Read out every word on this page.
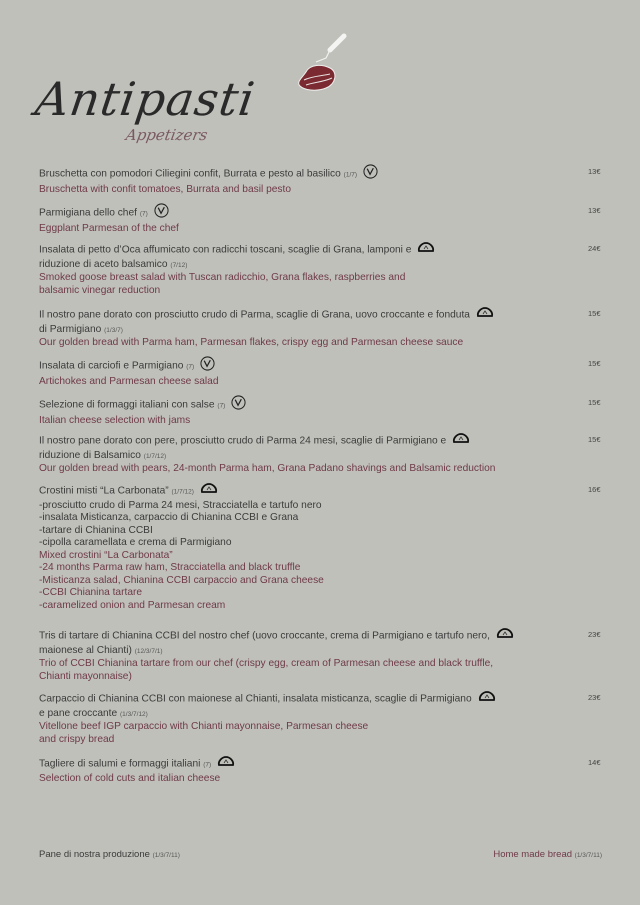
Antipasti
Appetizers
Bruschetta con pomodori Ciliegini confit, Burrata e pesto al basilico (1/7)
Bruschetta with confit tomatoes, Burrata and basil pesto
13€
Parmigiana dello chef (7)
Eggplant Parmesan of the chef
13€
Insalata di petto d’Oca affumicato con radicchi toscani, scaglie di Grana, lamponi e
riduzione di aceto balsamico (7/12)
Smoked goose breast salad with Tuscan radicchio, Grana flakes, raspberries and
balsamic vinegar reduction
24€
Il nostro pane dorato con prosciutto crudo di Parma, scaglie di Grana, uovo croccante e fonduta
di Parmigiano (1/3/7)
Our golden bread with Parma ham, Parmesan flakes, crispy egg and Parmesan cheese sauce
15€
Insalata di carciofi e Parmigiano (7)
Artichokes and Parmesan cheese salad
15€
Selezione di formaggi italiani con salse (7)
Italian cheese selection with jams
15€
Il nostro pane dorato con pere, prosciutto crudo di Parma 24 mesi, scaglie di Parmigiano e
riduzione di Balsamico (1/7/12)
Our golden bread with pears, 24-month Parma ham, Grana Padano shavings and Balsamic reduction
15€
Crostini misti “La Carbonata” (1/7/12)
-prosciutto crudo di Parma 24 mesi, Stracciatella e tartufo nero
-insalata Misticanza, carpaccio di Chianina CCBI e Grana
-tartare di Chianina CCBI
-cipolla caramellata e crema di Parmigiano
Mixed crostini “La Carbonata”
-24 months Parma raw ham, Stracciatella and black truffle
-Misticanza salad, Chianina CCBI carpaccio and Grana cheese
-CCBI Chianina tartare
-caramelized onion and Parmesan cream
16€
Tris di tartare di Chianina CCBI del nostro chef (uovo croccante, crema di Parmigiano e tartufo nero,
maionese al Chianti) (12/3/7/1)
Trio of CCBI Chianina tartare from our chef (crispy egg, cream of Parmesan cheese and black truffle,
Chianti mayonnaise)
23€
Carpaccio di Chianina CCBI con maionese al Chianti, insalata misticanza, scaglie di Parmigiano
e pane croccante (1/3/7/12)
Vitellone beef IGP carpaccio with Chianti mayonnaise, Parmesan cheese
and crispy bread
23€
Tagliere di salumi e formaggi italiani (7)
Selection of cold cuts and italian cheese
14€
Pane di nostra produzione (1/3/7/11)	Home made bread (1/3/7/11)
